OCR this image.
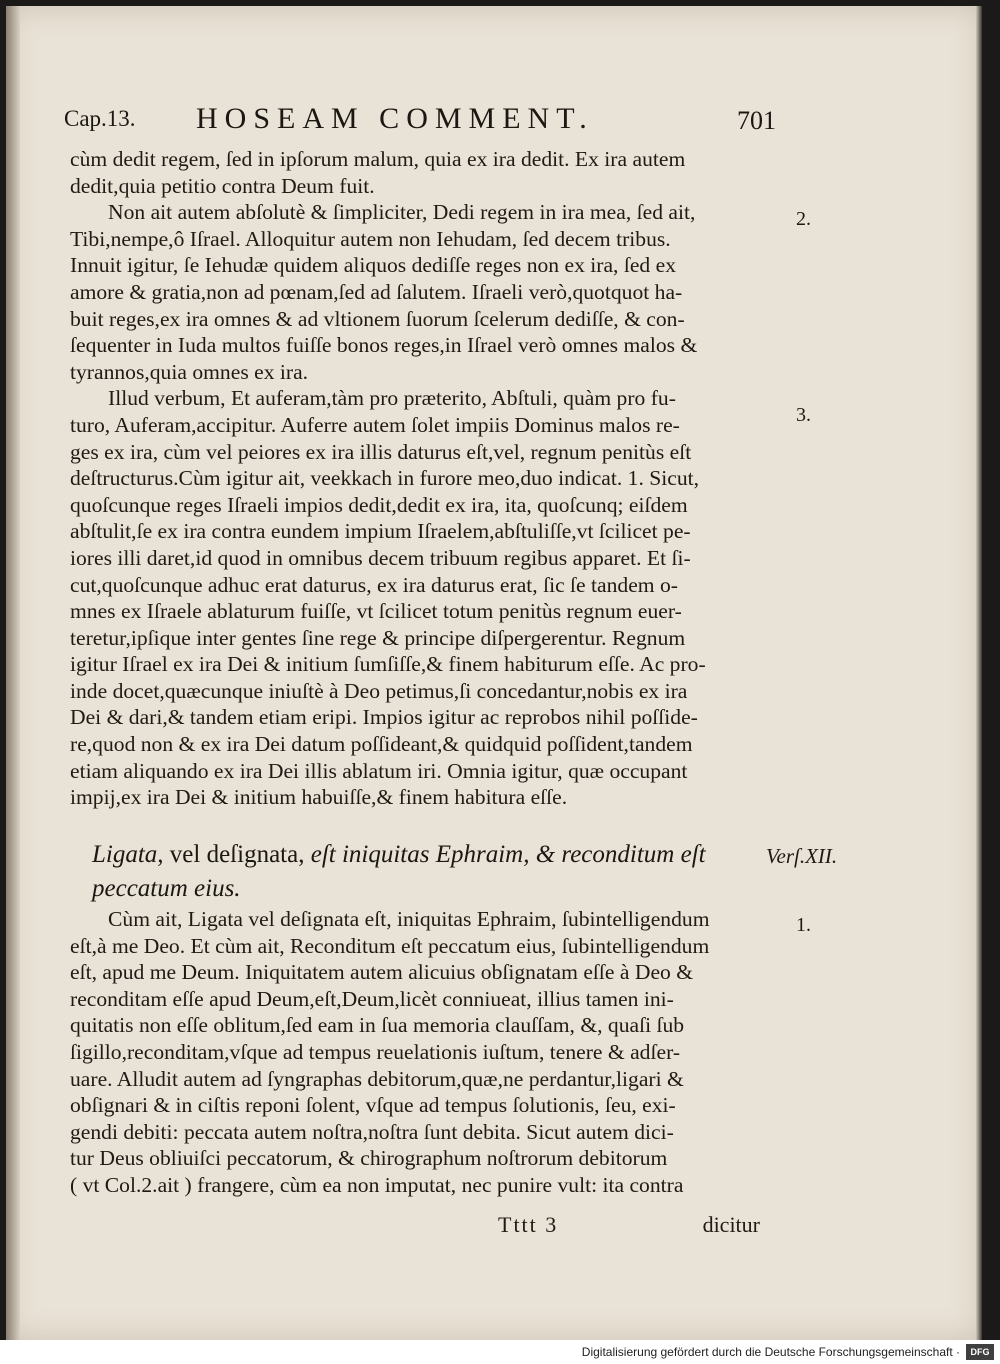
Cap.13. HOSEAM COMMENT.	701

cùm dedit regem, ſed in ipſorum malum, quia ex ira dedit. Ex ira autem

dedit,quia petitio contra Deum fuit.

Non ait autem abſolutè & ſimpliciter, Dedi regem in ira mea, ſed ait,

Tibi,nempe,ô Iſrael. Alloquitur autem non Iehudam, ſed decem tribus.

Innuit igitur, ſe Iehudæ quidem aliquos dediſſe reges non ex ira, ſed ex

amore & gratia,non ad pœnam,ſed ad ſalutem. Iſraeli verò,quotquot ha-

buit reges,ex ira omnes & ad vltionem ſuorum ſcelerum dediſſe, & con-

ſequenter in Iuda multos fuiſſe bonos reges,in Iſrael verò omnes malos &

tyrannos,quia omnes ex ira.

Illud verbum, Et auferam,tàm pro præterito, Abſtuli, quàm pro fu-

turo, Auferam,accipitur. Auferre autem ſolet impiis Dominus malos re-

ges ex ira, cùm vel peiores ex ira illis daturus eſt,vel, regnum penitùs eſt

deſtructurus.Cùm igitur ait, veekkach in furore meo,duo indicat. 1. Sicut,

quoſcunque reges Iſraeli impios dedit,dedit ex ira, ita, quoſcunq; eiſdem

abſtulit,ſe ex ira contra eundem impium Iſraelem,abſtuliſſe,vt ſcilicet pe-

iores illi daret,id quod in omnibus decem tribuum regibus apparet. Et ſi-

cut,quoſcunque adhuc erat daturus, ex ira daturus erat, ſic ſe tandem o-

mnes ex Iſraele ablaturum fuiſſe, vt ſcilicet totum penitùs regnum euer-

teretur,ipſique inter gentes ſine rege & principe diſpergerentur. Regnum

igitur Iſrael ex ira Dei & initium ſumſiſſe,& finem habiturum eſſe. Ac pro-

inde docet,quæcunque iniuſtè à Deo petimus,ſi concedantur,nobis ex ira

Dei & dari,& tandem etiam eripi. Impios igitur ac reprobos nihil poſſide-

re,quod non & ex ira Dei datum poſſideant,& quidquid poſſident,tandem

etiam aliquando ex ira Dei illis ablatum iri. Omnia igitur, quæ occupant

impij,ex ira Dei & initium habuiſſe,& finem habitura eſſe.

Ligata, vel deſignata, eſt iniquitas Ephraim, & reconditum eſt
peccatum eius.

Cùm ait, Ligata vel deſignata eſt, iniquitas Ephraim, ſubintelligendum

eſt,à me Deo. Et cùm ait, Reconditum eſt peccatum eius, ſubintelligendum

eſt, apud me Deum. Iniquitatem autem alicuius obſignatam eſſe à Deo &

reconditam eſſe apud Deum,eſt,Deum,licèt conniueat, illius tamen ini-

quitatis non eſſe oblitum,ſed eam in ſua memoria clauſſam, &, quaſi ſub

ſigillo,reconditam,vſque ad tempus reuelationis iuſtum, tenere & adſer-

uare. Alludit autem ad ſyngraphas debitorum,quæ,ne perdantur,ligari &

obſignari & in ciſtis reponi ſolent, vſque ad tempus ſolutionis, ſeu, exi-

gendi debiti: peccata autem noſtra,noſtra ſunt debita. Sicut autem dici-

tur Deus obliuiſci peccatorum, & chirographum noſtrorum debitorum

( vt Col.2.ait ) frangere, cùm ea non imputat, nec punire vult: ita contra

2.
3.
Verſ.XII.
1.
Tttt 3	dicitur
Digitalisierung gefördert durch die Deutsche Forschungsgemeinschaft ·	DFG
